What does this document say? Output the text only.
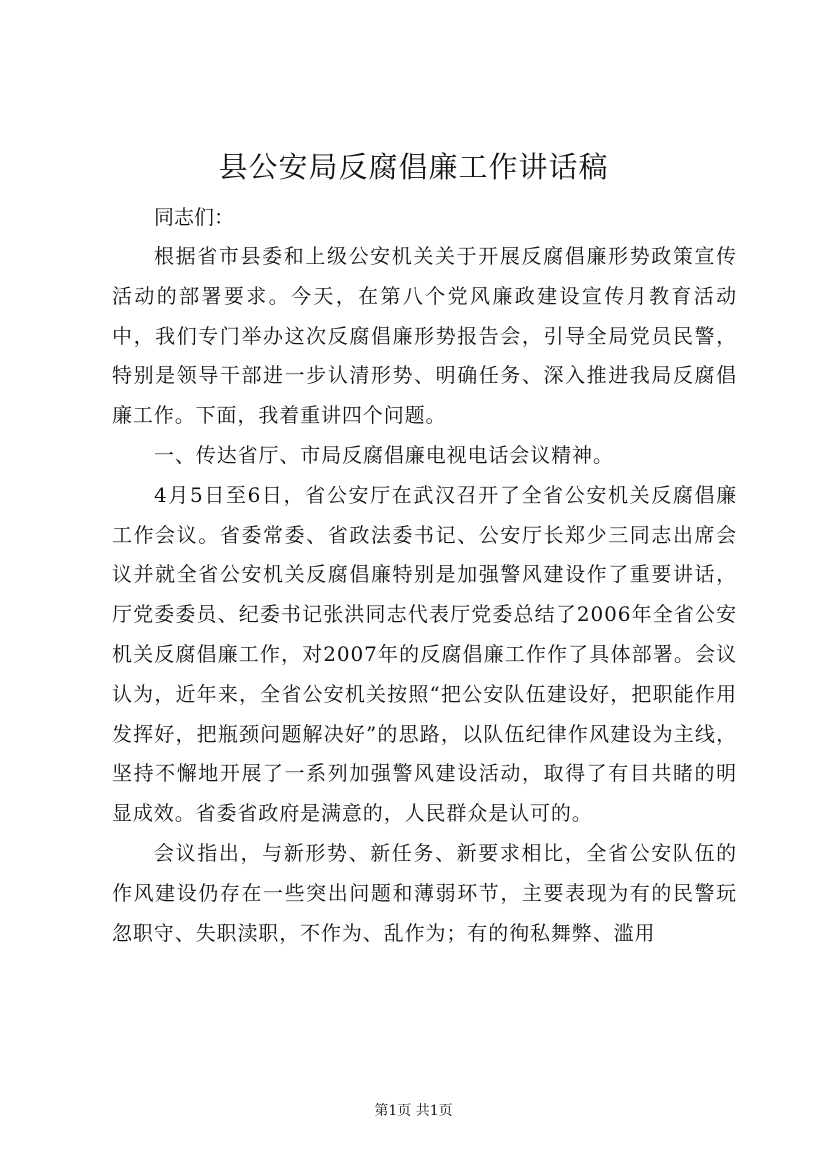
县公安局反腐倡廉工作讲话稿

同志们：

根据省市县委和上级公安机关关于开展反腐倡廉形势政策宣传活动的部署要求。今天，在第八个党风廉政建设宣传月教育活动中，我们专门举办这次反腐倡廉形势报告会，引导全局党员民警，特别是领导干部进一步认清形势、明确任务、深入推进我局反腐倡廉工作。下面，我着重讲四个问题。

一、传达省厅、市局反腐倡廉电视电话会议精神。

4月5日至6日，省公安厅在武汉召开了全省公安机关反腐倡廉工作会议。省委常委、省政法委书记、公安厅长郑少三同志出席会议并就全省公安机关反腐倡廉特别是加强警风建设作了重要讲话，厅党委委员、纪委书记张洪同志代表厅党委总结了2006年全省公安机关反腐倡廉工作，对2007年的反腐倡廉工作作了具体部署。会议认为，近年来，全省公安机关按照“把公安队伍建设好，把职能作用发挥好，把瓶颈问题解决好”的思路，以队伍纪律作风建设为主线，坚持不懈地开展了一系列加强警风建设活动，取得了有目共睹的明显成效。省委省政府是满意的，人民群众是认可的。

会议指出，与新形势、新任务、新要求相比，全省公安队伍的作风建设仍存在一些突出问题和薄弱环节，主要表现为有的民警玩忽职守、失职渎职，不作为、乱作为；有的徇私舞弊、滥用

第1页 共1页
